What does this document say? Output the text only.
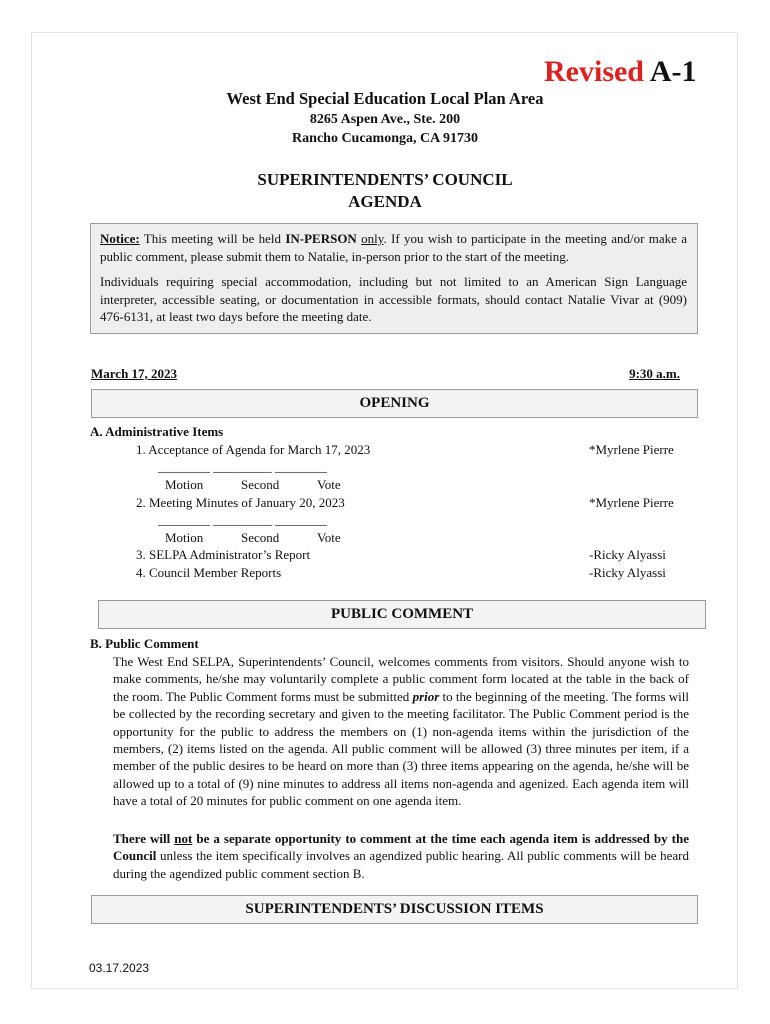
Revised A-1
West End Special Education Local Plan Area
8265 Aspen Ave., Ste. 200
Rancho Cucamonga, CA 91730
SUPERINTENDENTS’ COUNCIL
AGENDA

Notice: This meeting will be held IN-PERSON only. If you wish to participate in the meeting and/or make a public comment, please submit them to Natalie, in-person prior to the start of the meeting.

Individuals requiring special accommodation, including but not limited to an American Sign Language interpreter, accessible seating, or documentation in accessible formats, should contact Natalie Vivar at (909) 476-6131, at least two days before the meeting date.

March 17, 2023	9:30 a.m.
OPENING
A. Administrative Items
1. Acceptance of Agenda for March 17, 2023	*Myrlene Pierre
________ _________ ________
Motion	Second	Vote
2. Meeting Minutes of January 20, 2023	*Myrlene Pierre
________ _________ ________
Motion	Second	Vote
3. SELPA Administrator’s Report	-Ricky Alyassi
4. Council Member Reports	-Ricky Alyassi
PUBLIC COMMENT
B. Public Comment
The West End SELPA, Superintendents’ Council, welcomes comments from visitors. Should anyone wish to make comments, he/she may voluntarily complete a public comment form located at the table in the back of the room. The Public Comment forms must be submitted prior to the beginning of the meeting. The forms will be collected by the recording secretary and given to the meeting facilitator. The Public Comment period is the opportunity for the public to address the members on (1) non-agenda items within the jurisdiction of the members, (2) items listed on the agenda. All public comment will be allowed (3) three minutes per item, if a member of the public desires to be heard on more than (3) three items appearing on the agenda, he/she will be allowed up to a total of (9) nine minutes to address all items non-agenda and agenized. Each agenda item will have a total of 20 minutes for public comment on one agenda item.
There will not be a separate opportunity to comment at the time each agenda item is addressed by the Council unless the item specifically involves an agendized public hearing. All public comments will be heard during the agendized public comment section B.
SUPERINTENDENTS’ DISCUSSION ITEMS
03.17.2023
